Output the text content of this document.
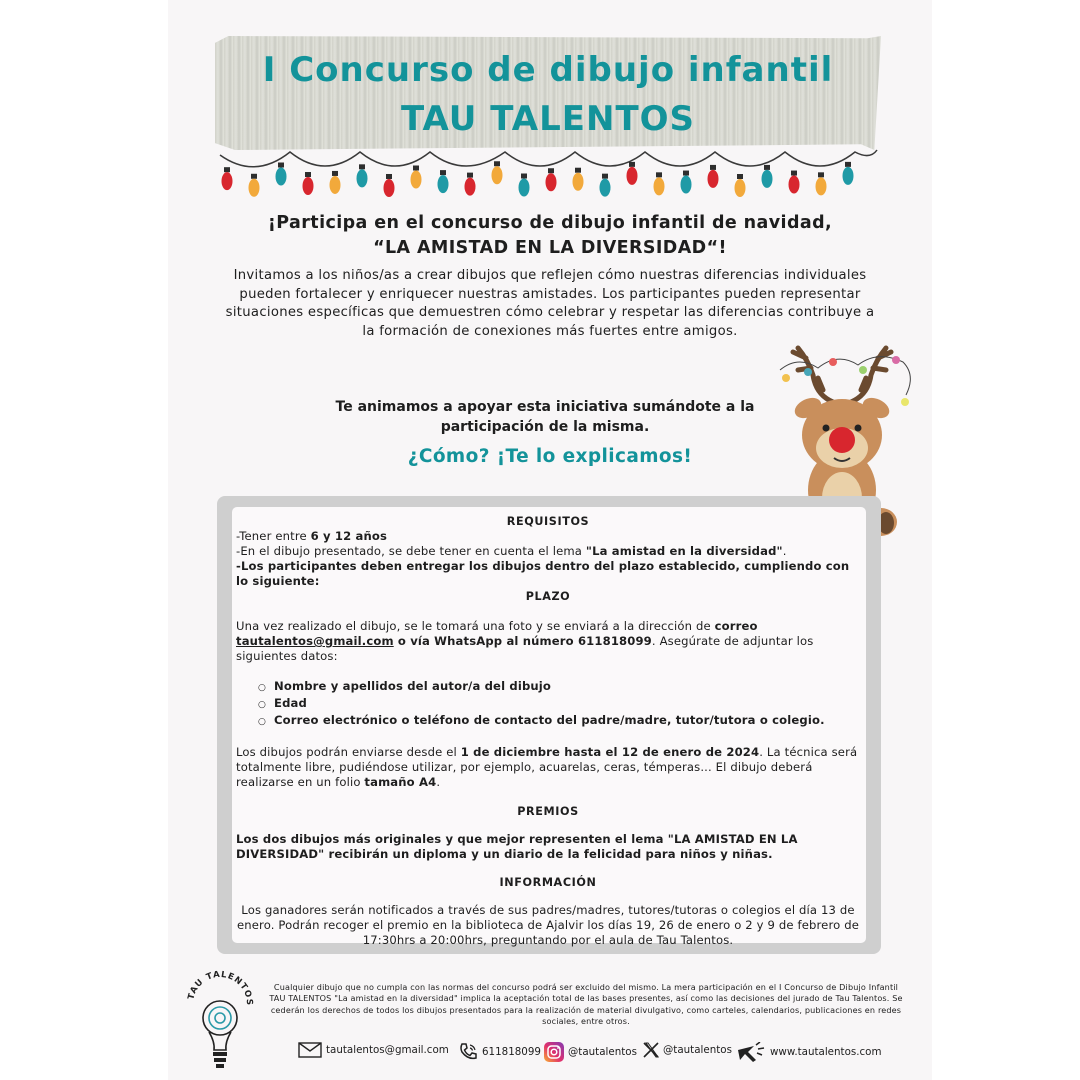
I Concurso de dibujo infantil
TAU TALENTOS
¡Participa en el concurso de dibujo infantil de navidad,
“LA AMISTAD EN LA DIVERSIDAD“!
Invitamos a los niños/as a crear dibujos que reflejen cómo nuestras diferencias individuales pueden fortalecer y enriquecer nuestras amistades. Los participantes pueden representar situaciones específicas que demuestren cómo celebrar y respetar las diferencias contribuye a la formación de conexiones más fuertes entre amigos.
Te animamos a apoyar esta iniciativa sumándote a la
participación de la misma.
¿Cómo? ¡Te lo explicamos!
REQUISITOS

-Tener entre 6 y 12 años

-En el dibujo presentado, se debe tener en cuenta el lema "La amistad en la diversidad".

-Los participantes deben entregar los dibujos dentro del plazo establecido, cumpliendo con lo siguiente:

PLAZO

Una vez realizado el dibujo, se le tomará una foto y se enviará a la dirección de correo
tautalentos@gmail.com o vía WhatsApp al número 611818099. Asegúrate de adjuntar los siguientes datos:

○ Nombre y apellidos del autor/a del dibujo
○ Edad
○ Correo electrónico o teléfono de contacto del padre/madre, tutor/tutora o colegio.

Los dibujos podrán enviarse desde el 1 de diciembre hasta el 12 de enero de 2024. La técnica será totalmente libre, pudiéndose utilizar, por ejemplo, acuarelas, ceras, témperas... El dibujo deberá realizarse en un folio tamaño A4.

PREMIOS

Los dos dibujos más originales y que mejor representen el lema "LA AMISTAD EN LA DIVERSIDAD" recibirán un diploma y un diario de la felicidad para niños y niñas.

INFORMACIÓN

Los ganadores serán notificados a través de sus padres/madres, tutores/tutoras o colegios el día 13 de enero. Podrán recoger el premio en la biblioteca de Ajalvir los días 19, 26 de enero o 2 y 9 de febrero de 17:30hrs a 20:00hrs, preguntando por el aula de Tau Talentos.

TAU TALENTOS
Cualquier dibujo que no cumpla con las normas del concurso podrá ser excluido del mismo. La mera participación en el I Concurso de Dibujo Infantil TAU TALENTOS "La amistad en la diversidad" implica la aceptación total de las bases presentes, así como las decisiones del jurado de Tau Talentos. Se cederán los derechos de todos los dibujos presentados para la realización de material divulgativo, como carteles, calendarios, publicaciones en redes sociales, entre otros.
tautalentos@gmail.com	611818099	@tautalentos	@tautalentos	www.tautalentos.com
